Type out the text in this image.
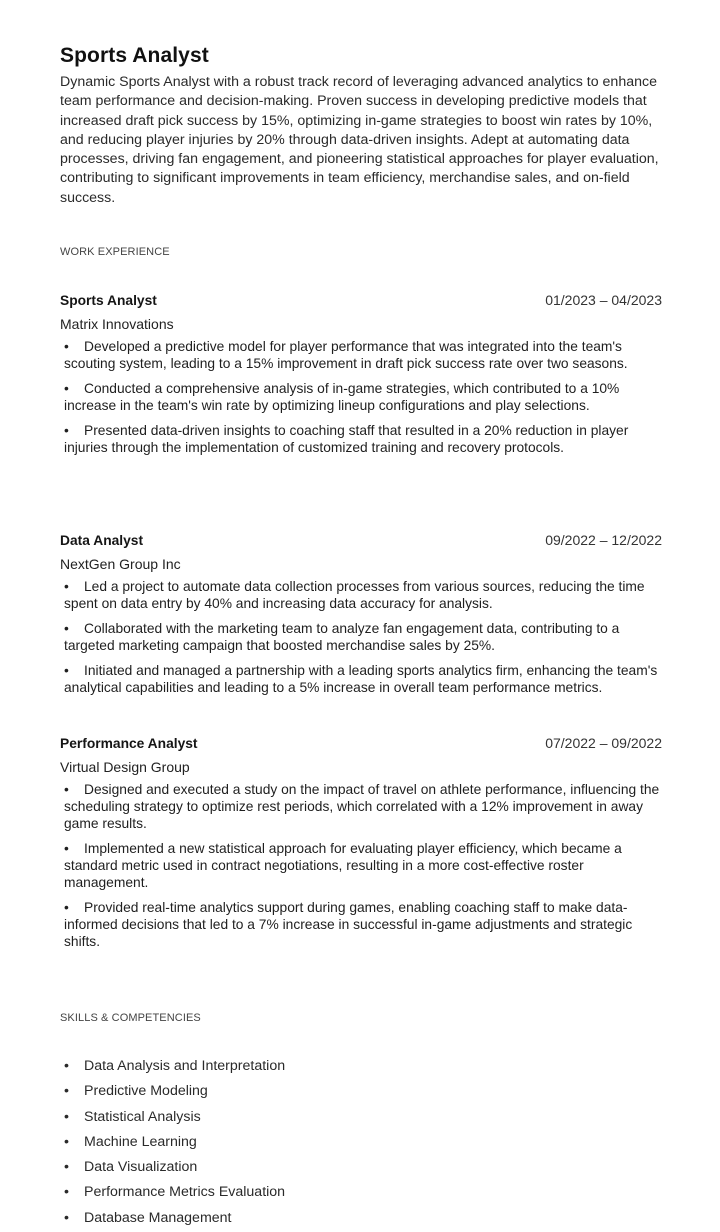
Sports Analyst

Dynamic Sports Analyst with a robust track record of leveraging advanced analytics to enhance team performance and decision-making. Proven success in developing predictive models that increased draft pick success by 15%, optimizing in-game strategies to boost win rates by 10%, and reducing player injuries by 20% through data-driven insights. Adept at automating data processes, driving fan engagement, and pioneering statistical approaches for player evaluation, contributing to significant improvements in team efficiency, merchandise sales, and on-field success.

WORK EXPERIENCE
Sports Analyst	01/2023 – 04/2023
Matrix Innovations
• Developed a predictive model for player performance that was integrated into the team's scouting system, leading to a 15% improvement in draft pick success rate over two seasons.
• Conducted a comprehensive analysis of in-game strategies, which contributed to a 10% increase in the team's win rate by optimizing lineup configurations and play selections.
• Presented data-driven insights to coaching staff that resulted in a 20% reduction in player injuries through the implementation of customized training and recovery protocols.
Data Analyst	09/2022 – 12/2022
NextGen Group Inc
• Led a project to automate data collection processes from various sources, reducing the time spent on data entry by 40% and increasing data accuracy for analysis.
• Collaborated with the marketing team to analyze fan engagement data, contributing to a targeted marketing campaign that boosted merchandise sales by 25%.
• Initiated and managed a partnership with a leading sports analytics firm, enhancing the team's analytical capabilities and leading to a 5% increase in overall team performance metrics.
Performance Analyst	07/2022 – 09/2022
Virtual Design Group
• Designed and executed a study on the impact of travel on athlete performance, influencing the scheduling strategy to optimize rest periods, which correlated with a 12% improvement in away game results.
• Implemented a new statistical approach for evaluating player efficiency, which became a standard metric used in contract negotiations, resulting in a more cost-effective roster management.
• Provided real-time analytics support during games, enabling coaching staff to make data-informed decisions that led to a 7% increase in successful in-game adjustments and strategic shifts.
SKILLS & COMPETENCIES
•	Data Analysis and Interpretation
•	Predictive Modeling
•	Statistical Analysis
•	Machine Learning
•	Data Visualization
•	Performance Metrics Evaluation
•	Database Management
